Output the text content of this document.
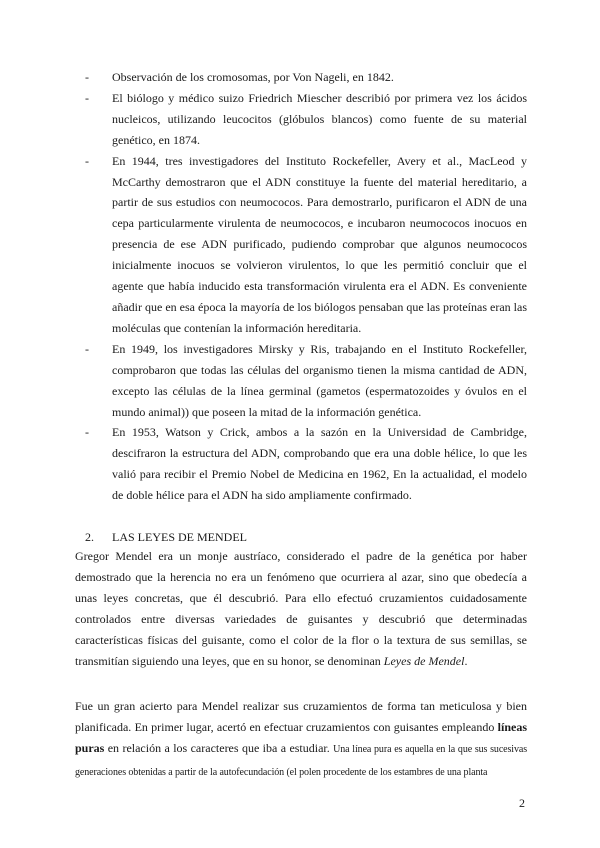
- Observación de los cromosomas, por Von Nageli, en 1842.
- El biólogo y médico suizo Friedrich Miescher describió por primera vez los ácidos nucleicos, utilizando leucocitos (glóbulos blancos) como fuente de su material genético, en 1874.
- En 1944, tres investigadores del Instituto Rockefeller, Avery et al., MacLeod y McCarthy demostraron que el ADN constituye la fuente del material hereditario, a partir de sus estudios con neumococos. Para demostrarlo, purificaron el ADN de una cepa particularmente virulenta de neumococos, e incubaron neumococos inocuos en presencia de ese ADN purificado, pudiendo comprobar que algunos neumococos inicialmente inocuos se volvieron virulentos, lo que les permitió concluir que el agente que había inducido esta transformación virulenta era el ADN. Es conveniente añadir que en esa época la mayoría de los biólogos pensaban que las proteínas eran las moléculas que contenían la información hereditaria.
- En 1949, los investigadores Mirsky y Ris, trabajando en el Instituto Rockefeller, comprobaron que todas las células del organismo tienen la misma cantidad de ADN, excepto las células de la línea germinal (gametos (espermatozoides y óvulos en el mundo animal)) que poseen la mitad de la información genética.
- En 1953, Watson y Crick, ambos a la sazón en la Universidad de Cambridge, descifraron la estructura del ADN, comprobando que era una doble hélice, lo que les valió para recibir el Premio Nobel de Medicina en 1962, En la actualidad, el modelo de doble hélice para el ADN ha sido ampliamente confirmado.
2. LAS LEYES DE MENDEL

Gregor Mendel era un monje austríaco, considerado el padre de la genética por haber demostrado que la herencia no era un fenómeno que ocurriera al azar, sino que obedecía a unas leyes concretas, que él descubrió. Para ello efectuó cruzamientos cuidadosamente controlados entre diversas variedades de guisantes y descubrió que determinadas características físicas del guisante, como el color de la flor o la textura de sus semillas, se transmitían siguiendo una leyes, que en su honor, se denominan Leyes de Mendel.

Fue un gran acierto para Mendel realizar sus cruzamientos de forma tan meticulosa y bien planificada. En primer lugar, acertó en efectuar cruzamientos con guisantes empleando líneas puras en relación a los caracteres que iba a estudiar. Una línea pura es aquella en la que sus sucesivas generaciones obtenidas a partir de la autofecundación (el polen procedente de los estambres de una planta

2
